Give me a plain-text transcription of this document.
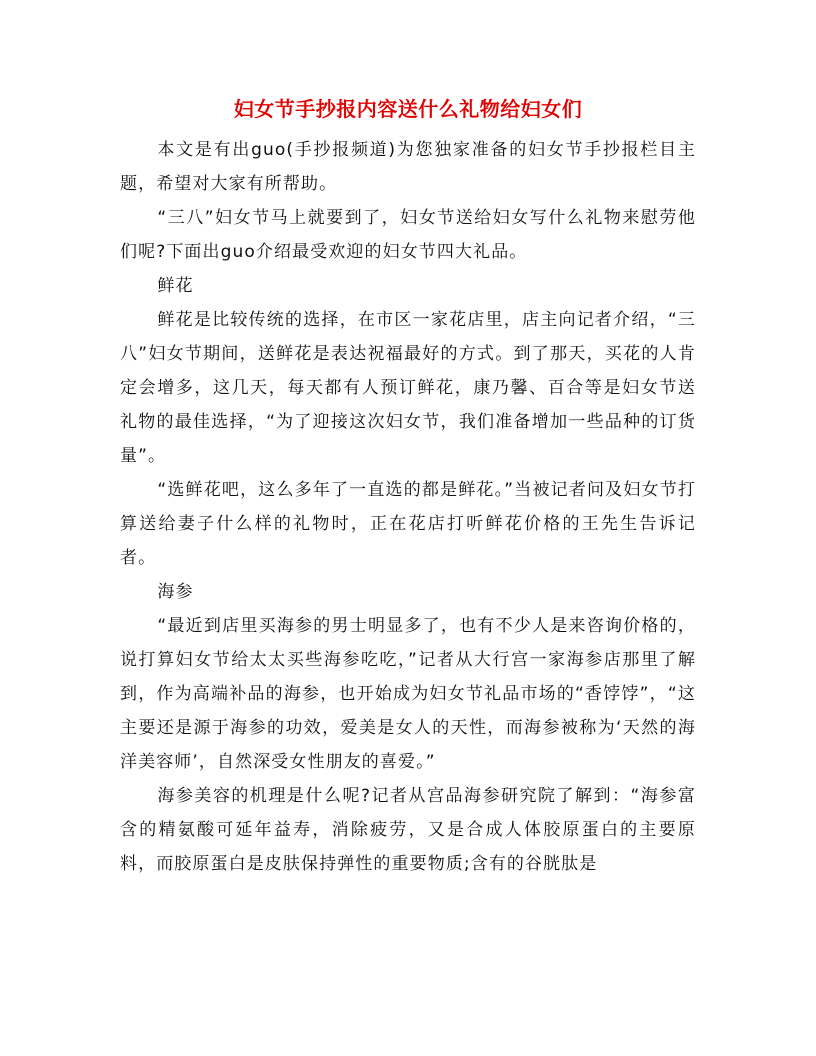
妇女节手抄报内容送什么礼物给妇女们

本文是有出guo(手抄报频道)为您独家准备的妇女节手抄报栏目主题，希望对大家有所帮助。

“三八”妇女节马上就要到了，妇女节送给妇女写什么礼物来慰劳他们呢?下面出guo介绍最受欢迎的妇女节四大礼品。

鲜花

鲜花是比较传统的选择，在市区一家花店里，店主向记者介绍，“三八”妇女节期间，送鲜花是表达祝福最好的方式。到了那天，买花的人肯定会增多，这几天，每天都有人预订鲜花，康乃馨、百合等是妇女节送礼物的最佳选择，“为了迎接这次妇女节，我们准备增加一些品种的订货量”。

“选鲜花吧，这么多年了一直选的都是鲜花。”当被记者问及妇女节打算送给妻子什么样的礼物时，正在花店打听鲜花价格的王先生告诉记者。

海参

“最近到店里买海参的男士明显多了，也有不少人是来咨询价格的，说打算妇女节给太太买些海参吃吃，”记者从大行宫一家海参店那里了解到，作为高端补品的海参，也开始成为妇女节礼品市场的“香饽饽”，“这主要还是源于海参的功效，爱美是女人的天性，而海参被称为‘天然的海洋美容师’，自然深受女性朋友的喜爱。”

海参美容的机理是什么呢?记者从宫品海参研究院了解到：“海参富含的精氨酸可延年益寿，消除疲劳，又是合成人体胶原蛋白的主要原料，而胶原蛋白是皮肤保持弹性的重要物质;含有的谷胱肽是
